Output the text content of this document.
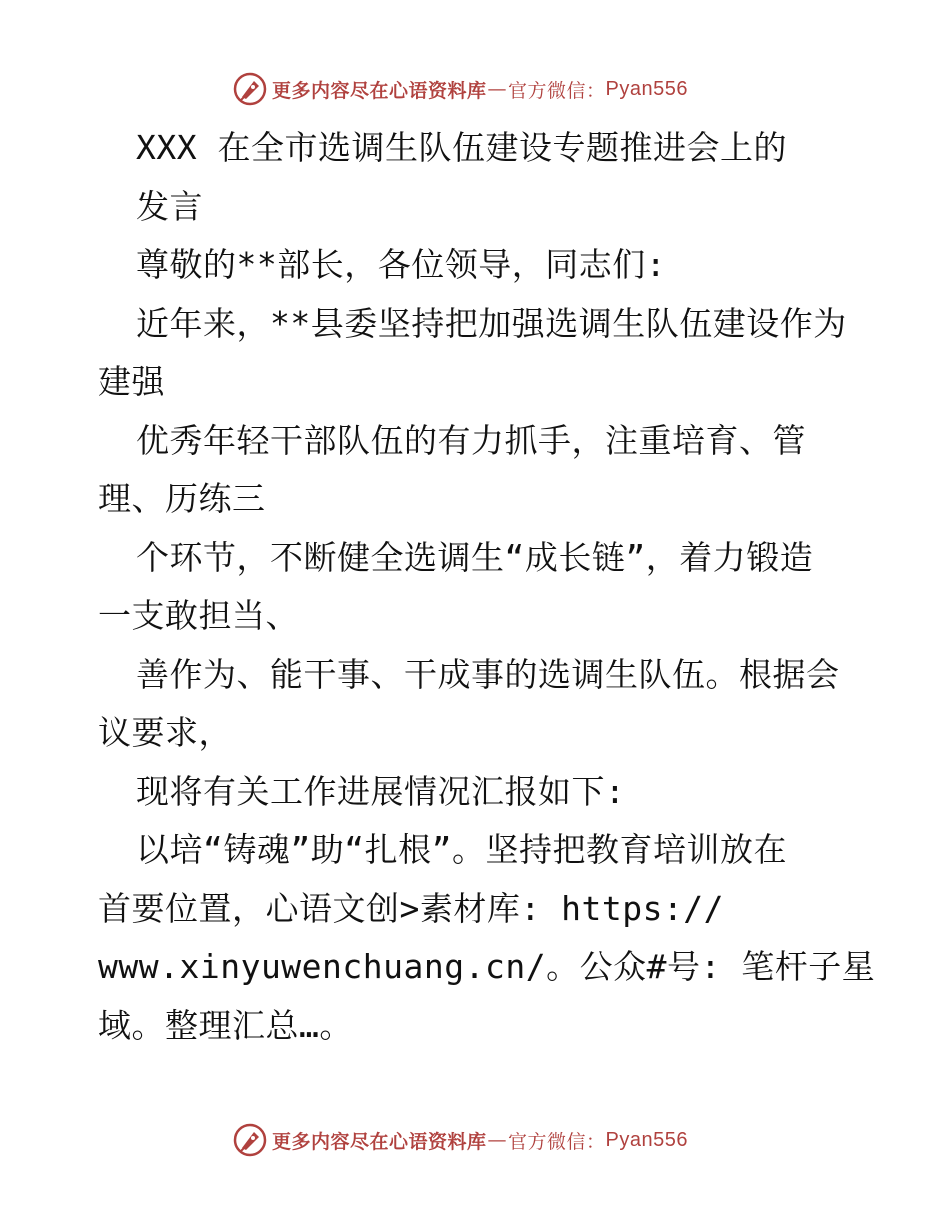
更多内容尽在心语资料库 — 官方微信： Pyan556
XXX 在全市选调生队伍建设专题推进会上的
发言
尊敬的**部长，各位领导，同志们:
近年来，**县委坚持把加强选调生队伍建设作为
建强
优秀年轻干部队伍的有力抓手，注重培育、管
理、历练三
个环节，不断健全选调生“成长链”，着力锻造
一支敢担当、
善作为、能干事、干成事的选调生队伍。根据会
议要求，
现将有关工作进展情况汇报如下:
以培“铸魂”助“扎根”。坚持把教育培训放在
首要位置，心语文创>素材库: https://
www.xinyuwenchuang.cn/。公众#号: 笔杆子星
域。整理汇总…。
更多内容尽在心语资料库 — 官方微信： Pyan556
